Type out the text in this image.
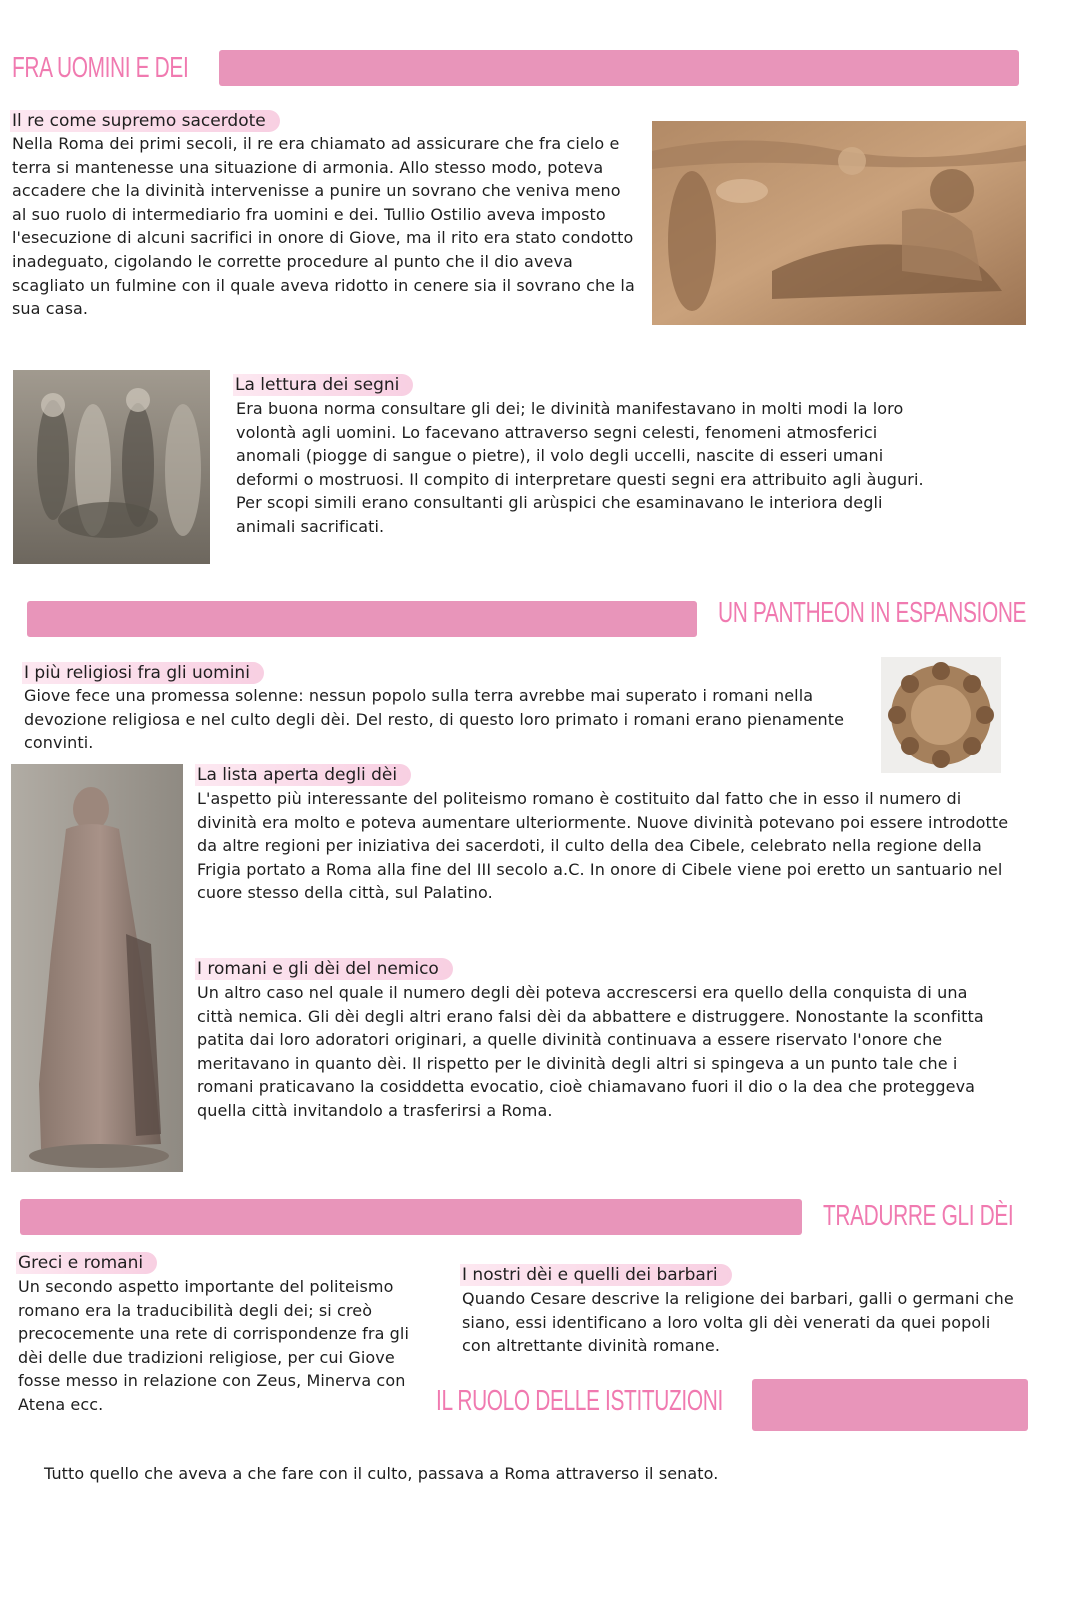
FRA UOMINI E DEI
Il re come supremo sacerdote

Nella Roma dei primi secoli, il re era chiamato ad assicurare che fra cielo e terra si mantenesse una situazione di armonia. Allo stesso modo, poteva accadere che la divinità intervenisse a punire un sovrano che veniva meno al suo ruolo di intermediario fra uomini e dei. Tullio Ostilio aveva imposto l'esecuzione di alcuni sacrifici in onore di Giove, ma il rito era stato condotto inadeguato, cigolando le corrette procedure al punto che il dio aveva scagliato un fulmine con il quale aveva ridotto in cenere sia il sovrano che la sua casa.

La lettura dei segni

Era buona norma consultare gli dei; le divinità manifestavano in molti modi la loro volontà agli uomini. Lo facevano attraverso segni celesti, fenomeni atmosferici anomali (piogge di sangue o pietre), il volo degli uccelli, nascite di esseri umani deformi o mostruosi. Il compito di interpretare questi segni era attribuito agli àuguri. Per scopi simili erano consultanti gli arùspici che esaminavano le interiora degli animali sacrificati.

UN PANTHEON IN ESPANSIONE
I più religiosi fra gli uomini

Giove fece una promessa solenne: nessun popolo sulla terra avrebbe mai superato i romani nella devozione religiosa e nel culto degli dèi. Del resto, di questo loro primato i romani erano pienamente convinti.

La lista aperta degli dèi

L'aspetto più interessante del politeismo romano è costituito dal fatto che in esso il numero di divinità era molto e poteva aumentare ulteriormente. Nuove divinità potevano poi essere introdotte da altre regioni per iniziativa dei sacerdoti, il culto della dea Cibele, celebrato nella regione della Frigia portato a Roma alla fine del III secolo a.C. In onore di Cibele viene poi eretto un santuario nel cuore stesso della città, sul Palatino.

I romani e gli dèi del nemico

Un altro caso nel quale il numero degli dèi poteva accrescersi era quello della conquista di una città nemica. Gli dèi degli altri erano falsi dèi da abbattere e distruggere. Nonostante la sconfitta patita dai loro adoratori originari, a quelle divinità continuava a essere riservato l'onore che meritavano in quanto dèi. Il rispetto per le divinità degli altri si spingeva a un punto tale che i romani praticavano la cosiddetta evocatio, cioè chiamavano fuori il dio o la dea che proteggeva quella città invitandolo a trasferirsi a Roma.

TRADURRE GLI DÈI
Greci e romani

Un secondo aspetto importante del politeismo romano era la traducibilità degli dei; si creò precocemente una rete di corrispondenze fra gli dèi delle due tradizioni religiose, per cui Giove fosse messo in relazione con Zeus, Minerva con Atena ecc.

I nostri dèi e quelli dei barbari

Quando Cesare descrive la religione dei barbari, galli o germani che siano, essi identificano a loro volta gli dèi venerati da quei popoli con altrettante divinità romane.

IL RUOLO DELLE ISTITUZIONI

Tutto quello che aveva a che fare con il culto, passava a Roma attraverso il senato.
